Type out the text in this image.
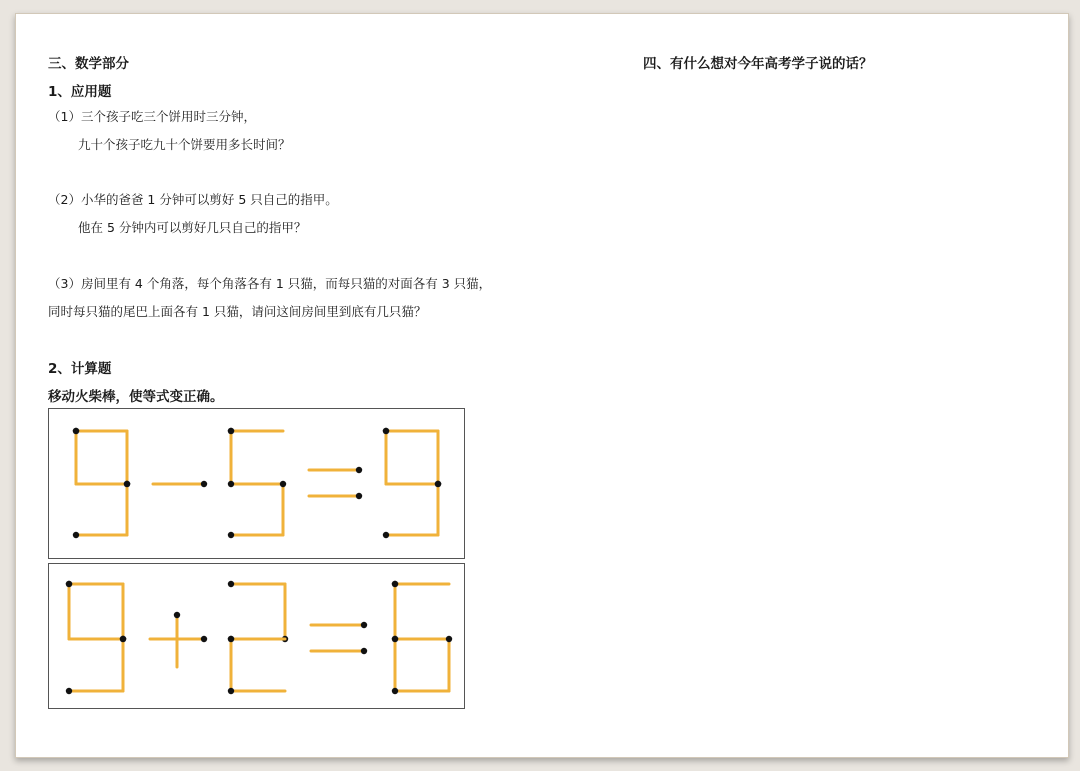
三、数学部分
1、应用题
（1）三个孩子吃三个饼用时三分钟，
九十个孩子吃九十个饼要用多长时间？
（2）小华的爸爸 1 分钟可以剪好 5 只自己的指甲。
他在 5 分钟内可以剪好几只自己的指甲？
（3）房间里有 4 个角落，每个角落各有 1 只猫，而每只猫的对面各有 3 只猫，
同时每只猫的尾巴上面各有 1 只猫，请问这间房间里到底有几只猫？
2、计算题
移动火柴棒，使等式变正确。
四、有什么想对今年高考学子说的话？
